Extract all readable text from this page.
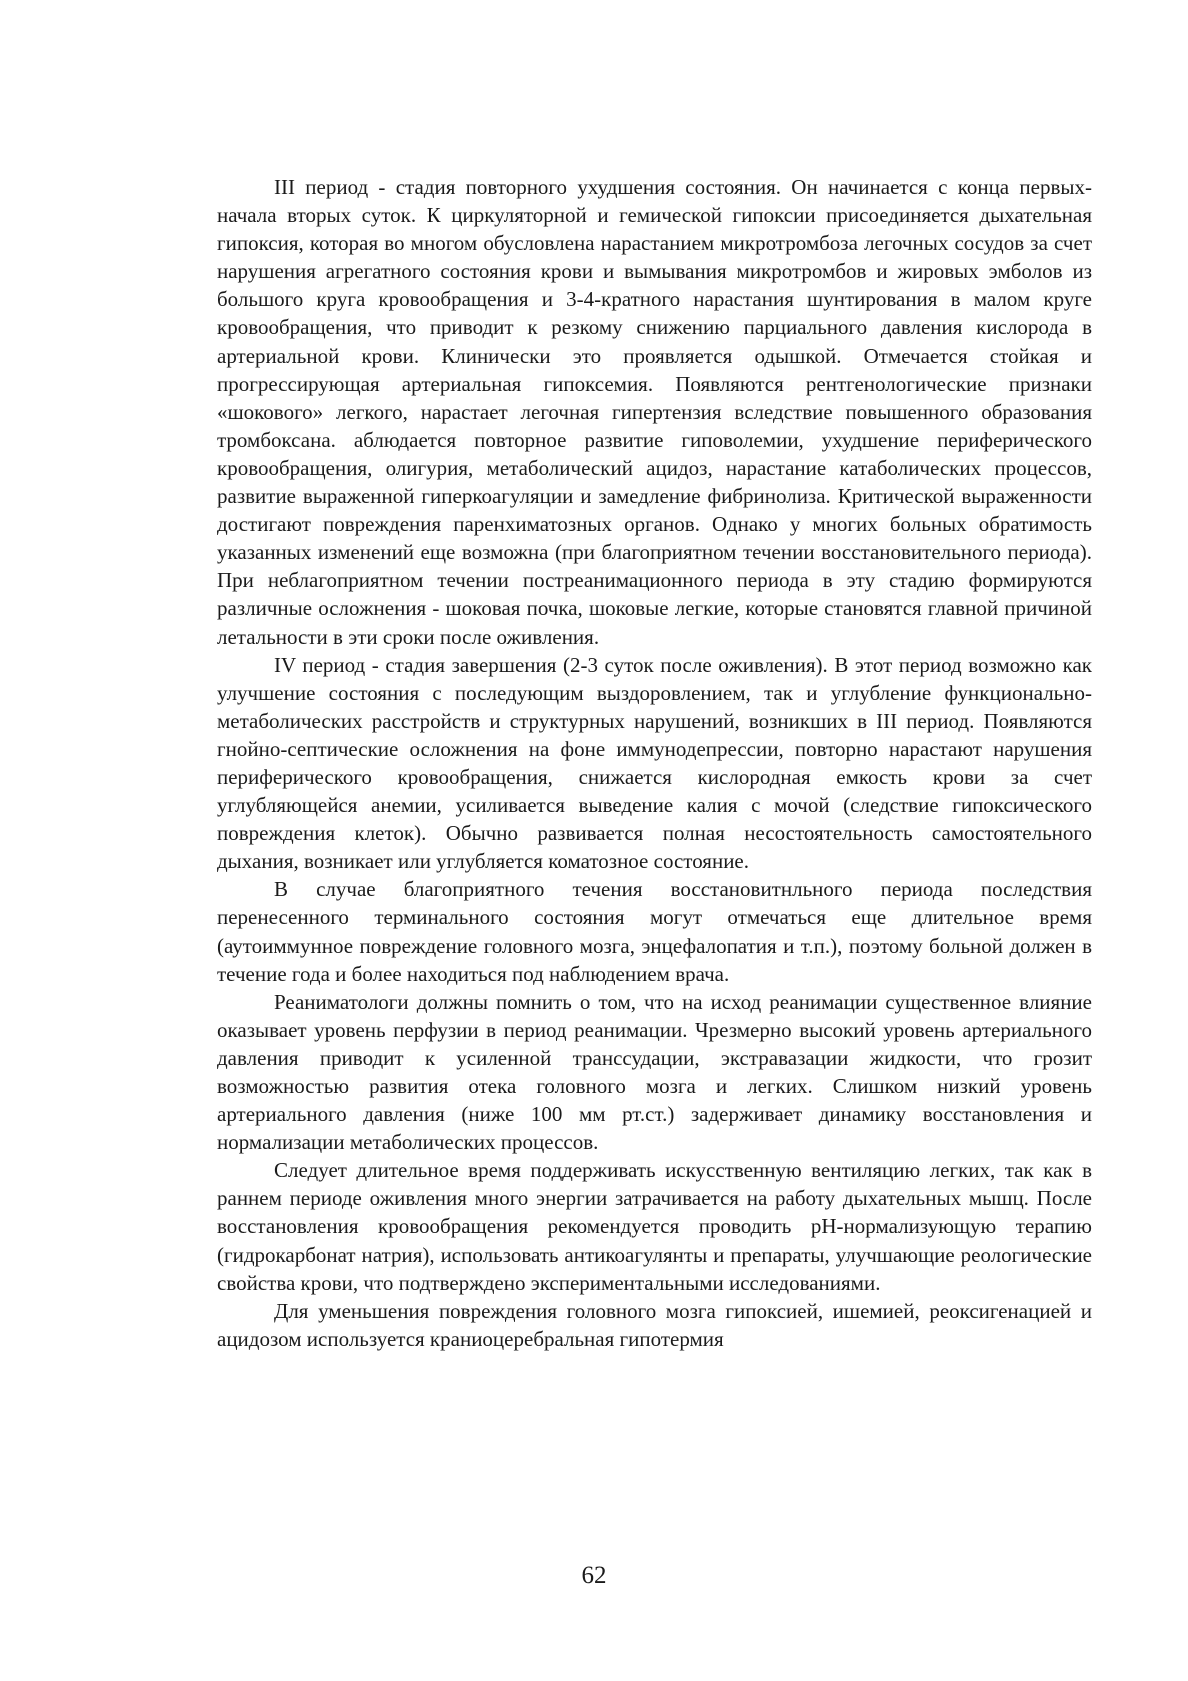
III период - стадия повторного ухудшения состояния. Он начинается с конца первых-начала вторых суток. К циркуляторной и гемической гипоксии присоединяется дыхательная гипоксия, которая во многом обусловлена нарастанием микротромбоза легочных сосудов за счет нарушения агрегатного состояния крови и вымывания микротромбов и жировых эмболов из большого круга кровообращения и 3-4-кратного нарастания шунтирования в малом круге кровообращения, что приводит к резкому снижению парциального давления кислорода в артериальной крови. Клинически это проявляется одышкой. Отмечается стойкая и прогрессирующая артериальная гипоксемия. Появляются рентгенологические признаки «шокового» легкого, нарастает легочная гипертензия вследствие повышенного образования тромбоксана. аблюдается повторное развитие гиповолемии, ухудшение периферического кровообращения, олигурия, метаболический ацидоз, нарастание катаболических процессов, развитие выраженной гиперкоагуляции и замедление фибринолиза. Критической выраженности достигают повреждения паренхиматозных органов. Однако у многих больных обратимость указанных изменений еще возможна (при благоприятном течении восстановительного периода). При неблагоприятном течении постреанимационного периода в эту стадию формируются различные осложнения - шоковая почка, шоковые легкие, которые становятся главной причиной летальности в эти сроки после оживления.

IV период - стадия завершения (2-3 суток после оживления). В этот период возможно как улучшение состояния с последующим выздоровлением, так и углубление функционально-метаболических расстройств и структурных нарушений, возникших в III период. Появляются гнойно-септические осложнения на фоне иммунодепрессии, повторно нарастают нарушения периферического кровообращения, снижается кислородная емкость крови за счет углубляющейся анемии, усиливается выведение калия с мочой (следствие гипоксического повреждения клеток). Обычно развивается полная несостоятельность самостоятельного дыхания, возникает или углубляется коматозное состояние.

В случае благоприятного течения восстановитнльного периода последствия перенесенного терминального состояния могут отмечаться еще длительное время (аутоиммунное повреждение головного мозга, энцефалопатия и т.п.), поэтому больной должен в течение года и более находиться под наблюдением врача.

Реаниматологи должны помнить о том, что на исход реанимации существенное влияние оказывает уровень перфузии в период реанимации. Чрезмерно высокий уровень артериального давления приводит к усиленной транссудации, экстравазации жидкости, что грозит возможностью развития отека головного мозга и легких. Слишком низкий уровень артериального давления (ниже 100 мм рт.ст.) задерживает динамику восстановления и нормализации метаболических процессов.

Следует длительное время поддерживать искусственную вентиляцию легких, так как в раннем периоде оживления много энергии затрачивается на работу дыхательных мышц. После восстановления кровообращения рекомендуется проводить рН-нормализующую терапию (гидрокарбонат натрия), использовать антикоагулянты и препараты, улучшающие реологические свойства крови, что подтверждено экспериментальными исследованиями.

Для уменьшения повреждения головного мозга гипоксией, ишемией, реоксигенацией и ацидозом используется краниоцеребральная гипотермия

62
